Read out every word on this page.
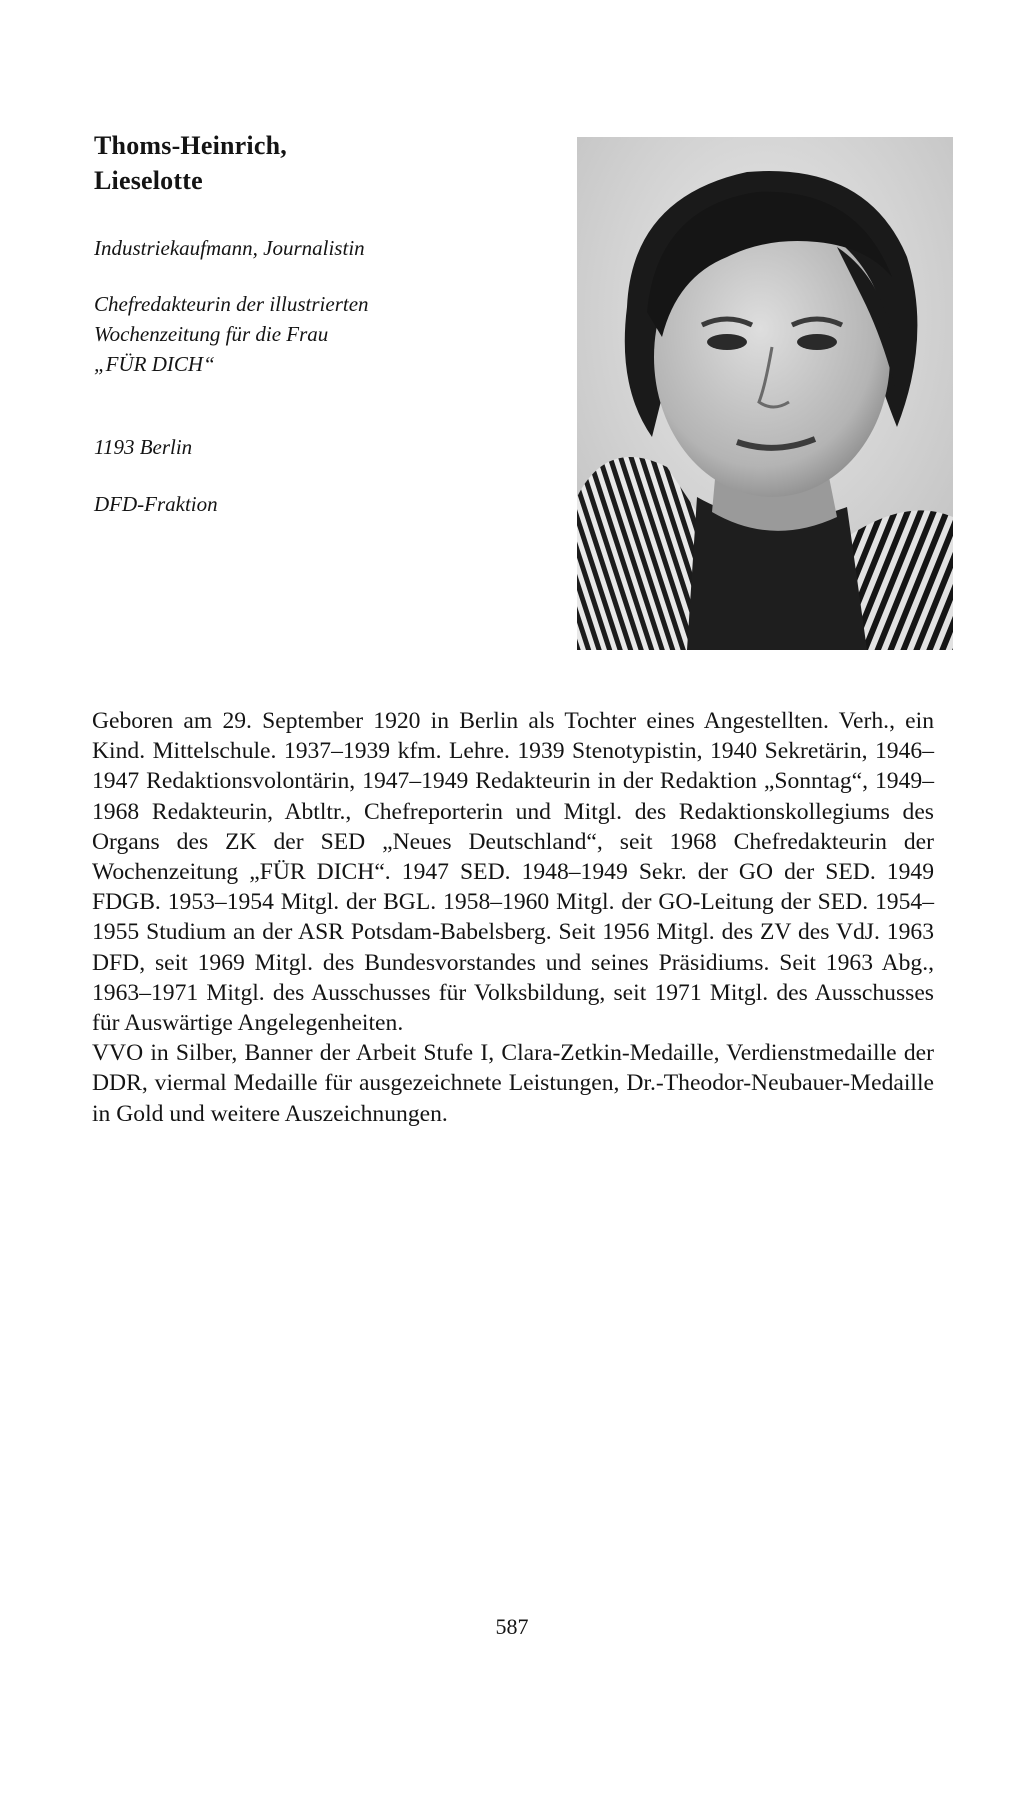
Thoms-Heinrich,
Lieselotte
Industriekaufmann, Journalistin
Chefredakteurin der illustrierten
Wochenzeitung für die Frau
„FÜR DICH“
1193 Berlin
DFD-Fraktion

Geboren am 29. September 1920 in Berlin als Tochter eines Angestellten. Verh., ein Kind. Mittelschule. 1937–1939 kfm. Lehre. 1939 Stenotypistin, 1940 Sekretärin, 1946–1947 Redaktionsvolontärin, 1947–1949 Redakteurin in der Redaktion „Sonntag“, 1949–1968 Redakteurin, Abtltr., Chefreporterin und Mitgl. des Redaktionskollegiums des Organs des ZK der SED „Neues Deutschland“, seit 1968 Chefredakteurin der Wochenzeitung „FÜR DICH“. 1947 SED. 1948–1949 Sekr. der GO der SED. 1949 FDGB. 1953–1954 Mitgl. der BGL. 1958–1960 Mitgl. der GO-Leitung der SED. 1954–1955 Studium an der ASR Potsdam-Babelsberg. Seit 1956 Mitgl. des ZV des VdJ. 1963 DFD, seit 1969 Mitgl. des Bundesvorstandes und seines Präsidiums. Seit 1963 Abg., 1963–1971 Mitgl. des Ausschusses für Volksbildung, seit 1971 Mitgl. des Ausschusses für Auswärtige Angelegenheiten.

VVO in Silber, Banner der Arbeit Stufe I, Clara-Zetkin-Medaille, Verdienstmedaille der DDR, viermal Medaille für ausgezeichnete Leistungen, Dr.-Theodor-Neubauer-Medaille in Gold und weitere Auszeichnungen.

587
